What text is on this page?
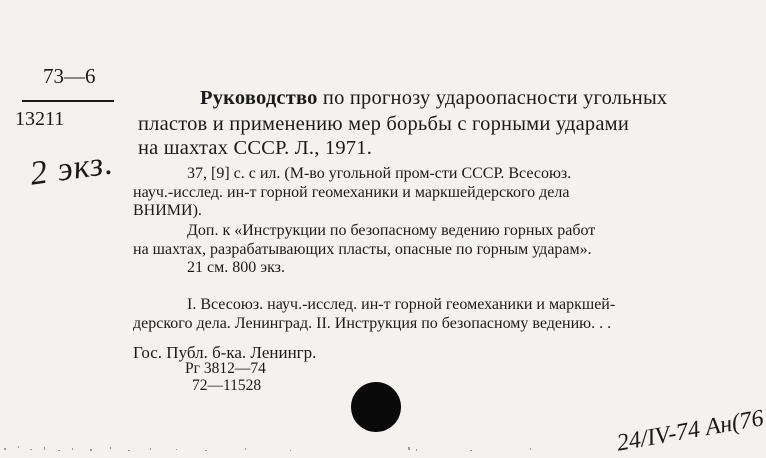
73—6
13211
2 экз.
Руководство по прогнозу удароопасности угольных
пластов и применению мер борьбы с горными ударами
на шахтах СССР. Л., 1971.
37, [9] с. с ил. (М-во угольной пром-сти СССР. Всесоюз.
науч.-исслед. ин-т горной геомеханики и маркшейдерского дела
ВНИМИ).
Доп. к «Инструкции по безопасному ведению горных работ
на шахтах, разрабатывающих пласты, опасные по горным ударам».
21 см. 800 экз.
I. Всесоюз. науч.-исслед. ин-т горной геомеханики и маркшей-
дерского дела. Ленинград. II. Инструкция по безопасному ведению. . .
Гос. Публ. б-ка. Ленингр.
Рг 3812—74
72—11528
24/IV-74 Ан(76
